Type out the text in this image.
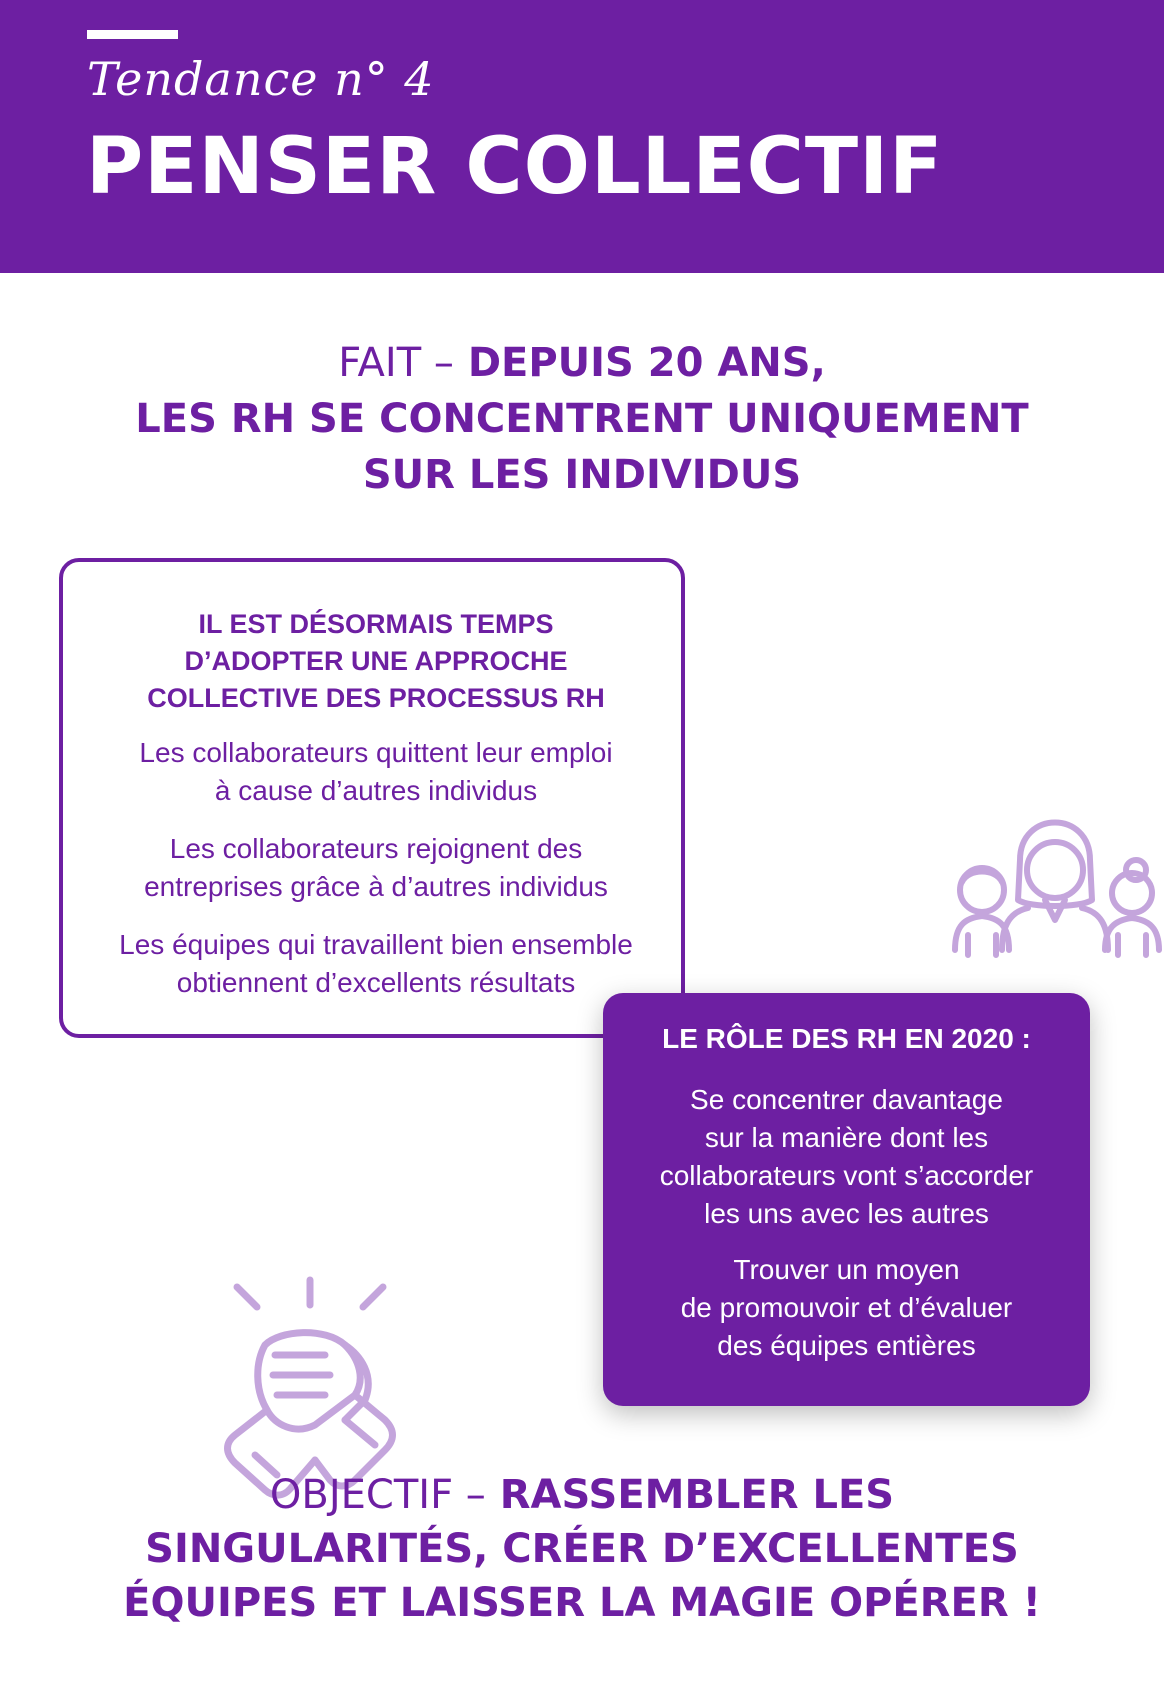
Tendance n° 4
PENSER COLLECTIF
FAIT – DEPUIS 20 ANS,
LES RH SE CONCENTRENT UNIQUEMENT
SUR LES INDIVIDUS
IL EST DÉSORMAIS TEMPS
D’ADOPTER UNE APPROCHE
COLLECTIVE DES PROCESSUS RH
Les collaborateurs quittent leur emploi
à cause d’autres individus
Les collaborateurs rejoignent des
entreprises grâce à d’autres individus
Les équipes qui travaillent bien ensemble
obtiennent d’excellents résultats
LE RÔLE DES RH EN 2020 :
Se concentrer davantage
sur la manière dont les
collaborateurs vont s’accorder
les uns avec les autres
Trouver un moyen
de promouvoir et d’évaluer
des équipes entières
OBJECTIF – RASSEMBLER LES
SINGULARITÉS, CRÉER D’EXCELLENTES
ÉQUIPES ET LAISSER LA MAGIE OPÉRER !
